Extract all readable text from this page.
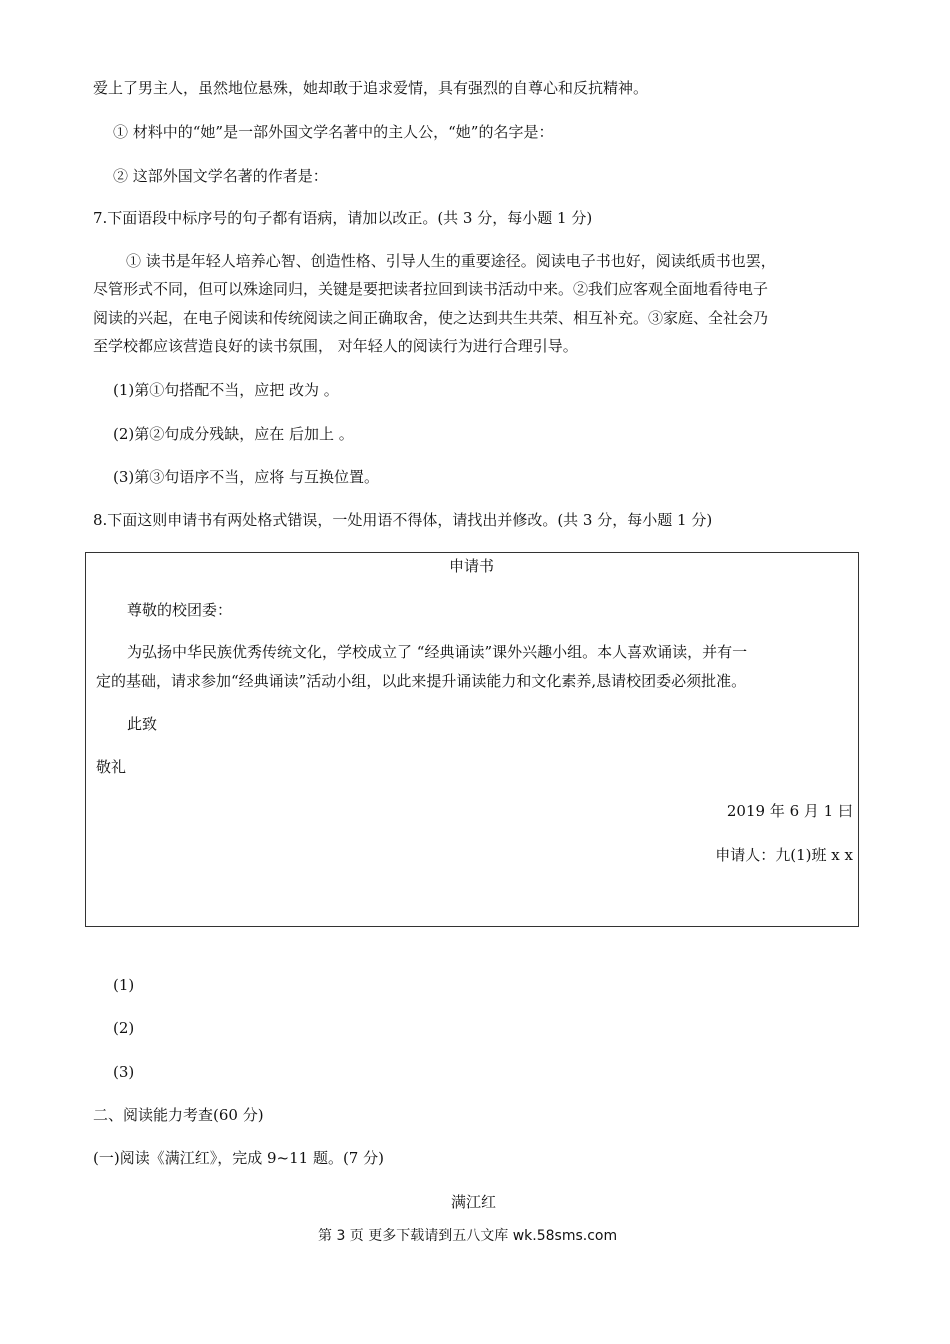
爱上了男主人，虽然地位悬殊，她却敢于追求爱情，具有强烈的自尊心和反抗精神。
① 材料中的“她”是一部外国文学名著中的主人公，“她”的名字是：
② 这部外国文学名著的作者是：
7.下面语段中标序号的句子都有语病，请加以改正。(共 3 分，每小题 1 分)
① 读书是年轻人培养心智、创造性格、引导人生的重要途径。阅读电子书也好，阅读纸质书也罢，
尽管形式不同，但可以殊途同归，关键是要把读者拉回到读书活动中来。②我们应客观全面地看待电子
阅读的兴起，在电子阅读和传统阅读之间正确取舍，使之达到共生共荣、相互补充。③家庭、全社会乃
至学校都应该营造良好的读书氛围， 对年轻人的阅读行为进行合理引导。
(1)第①句搭配不当，应把 改为 。
(2)第②句成分残缺，应在 后加上 。
(3)第③句语序不当，应将 与互换位置。
8.下面这则申请书有两处格式错误，一处用语不得体，请找出并修改。(共 3 分，每小题 1 分)
申请书
尊敬的校团委：
为弘扬中华民族优秀传统文化，学校成立了 “经典诵读”课外兴趣小组。本人喜欢诵读，并有一
定的基础，请求参加“经典诵读”活动小组，以此来提升诵读能力和文化素养,恳请校团委必须批准。
此致
敬礼
2019 年 6 月 1 曰
申请人：九(1)班 x x
(1)
(2)
(3)
二、阅读能力考查(60 分)
(一)阅读《满江红》，完成 9~11 题。(7 分)
满江红
第 3 页 更多下载请到五八文库 wk.58sms.com
